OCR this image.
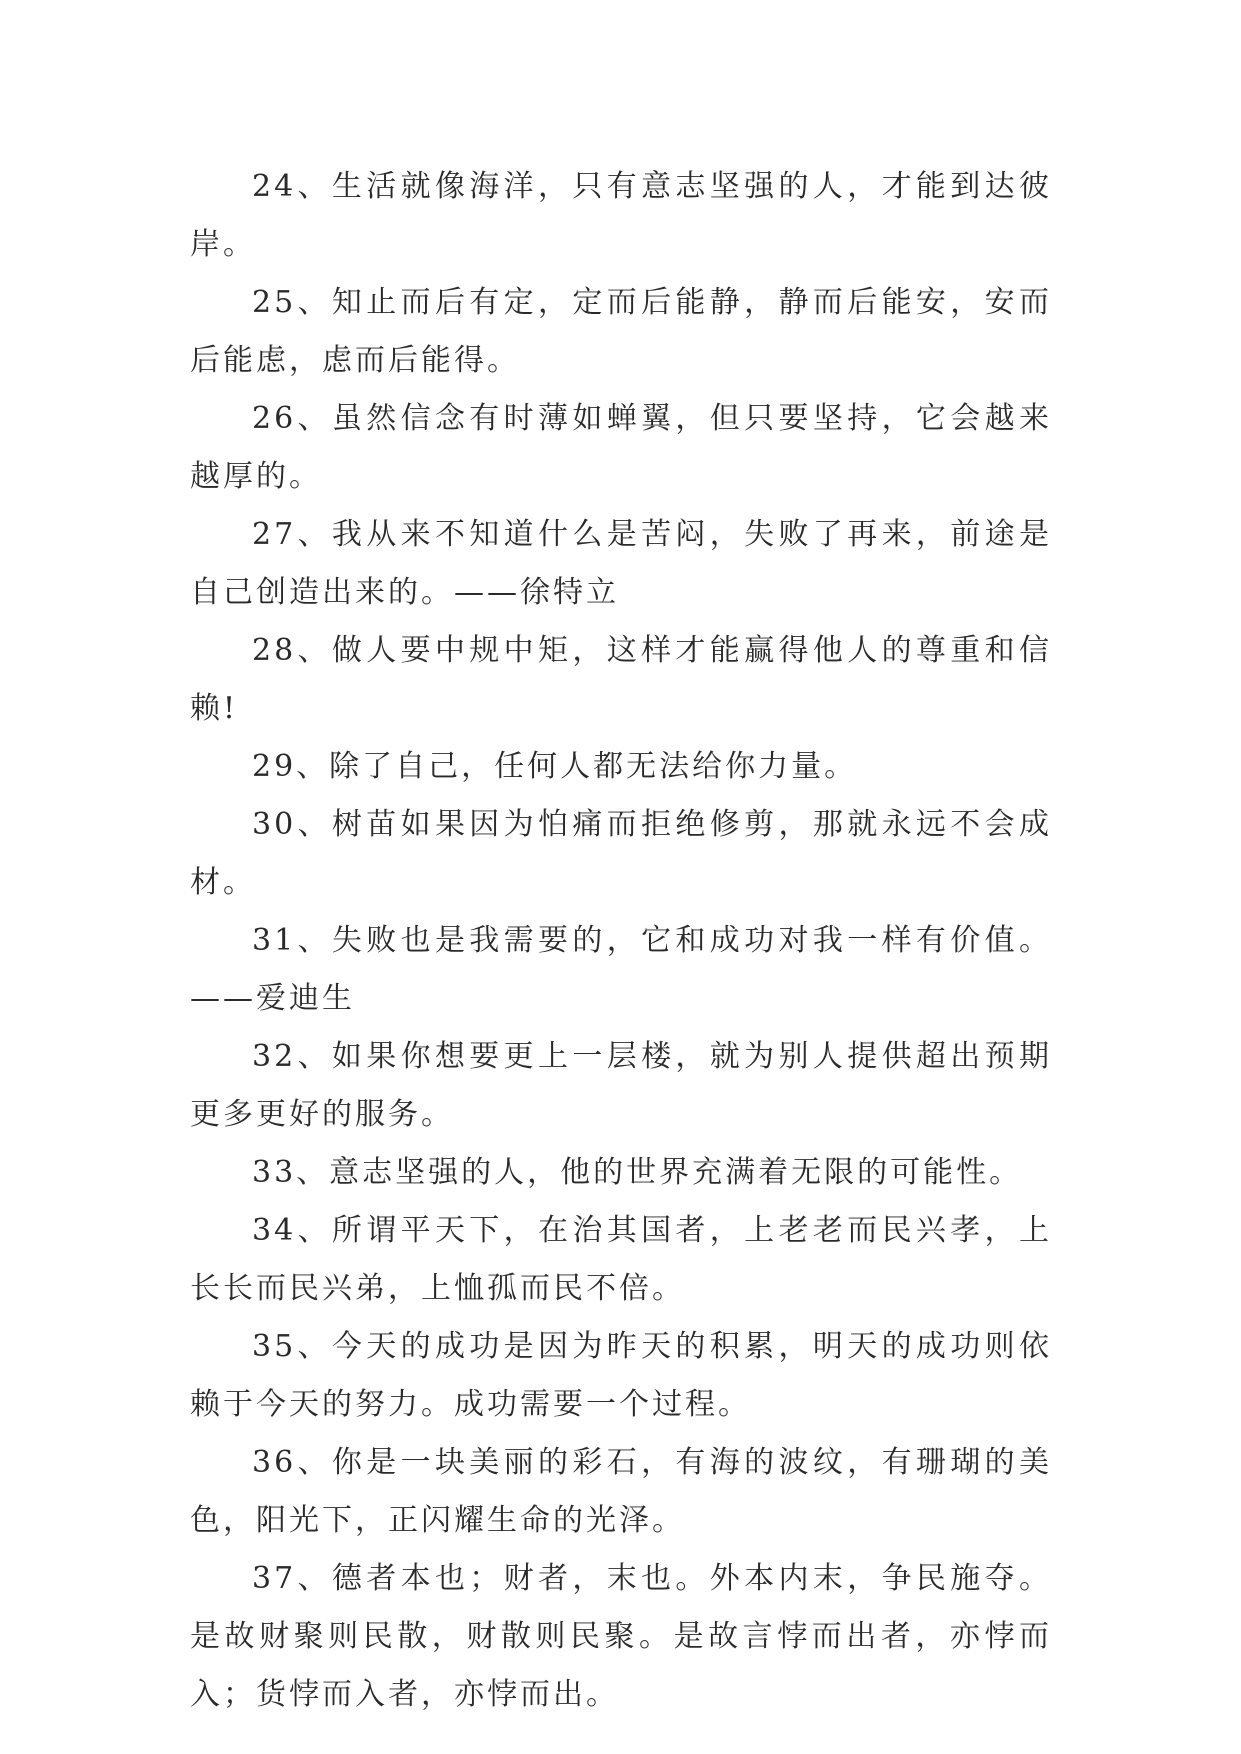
24、生活就像海洋，只有意志坚强的人，才能到达彼岸。

25、知止而后有定，定而后能静，静而后能安，安而后能虑，虑而后能得。

26、虽然信念有时薄如蝉翼，但只要坚持，它会越来越厚的。

27、我从来不知道什么是苦闷，失败了再来，前途是自己创造出来的。——徐特立

28、做人要中规中矩，这样才能赢得他人的尊重和信赖!

29、除了自己，任何人都无法给你力量。

30、树苗如果因为怕痛而拒绝修剪，那就永远不会成材。

31、失败也是我需要的，它和成功对我一样有价值。——爱迪生

32、如果你想要更上一层楼，就为别人提供超出预期更多更好的服务。

33、意志坚强的人，他的世界充满着无限的可能性。

34、所谓平天下，在治其国者，上老老而民兴孝，上长长而民兴弟，上恤孤而民不倍。

35、今天的成功是因为昨天的积累，明天的成功则依赖于今天的努力。成功需要一个过程。

36、你是一块美丽的彩石，有海的波纹，有珊瑚的美色，阳光下，正闪耀生命的光泽。

37、德者本也；财者，末也。外本内末，争民施夺。是故财聚则民散，财散则民聚。是故言悖而出者，亦悖而入；货悖而入者，亦悖而出。
